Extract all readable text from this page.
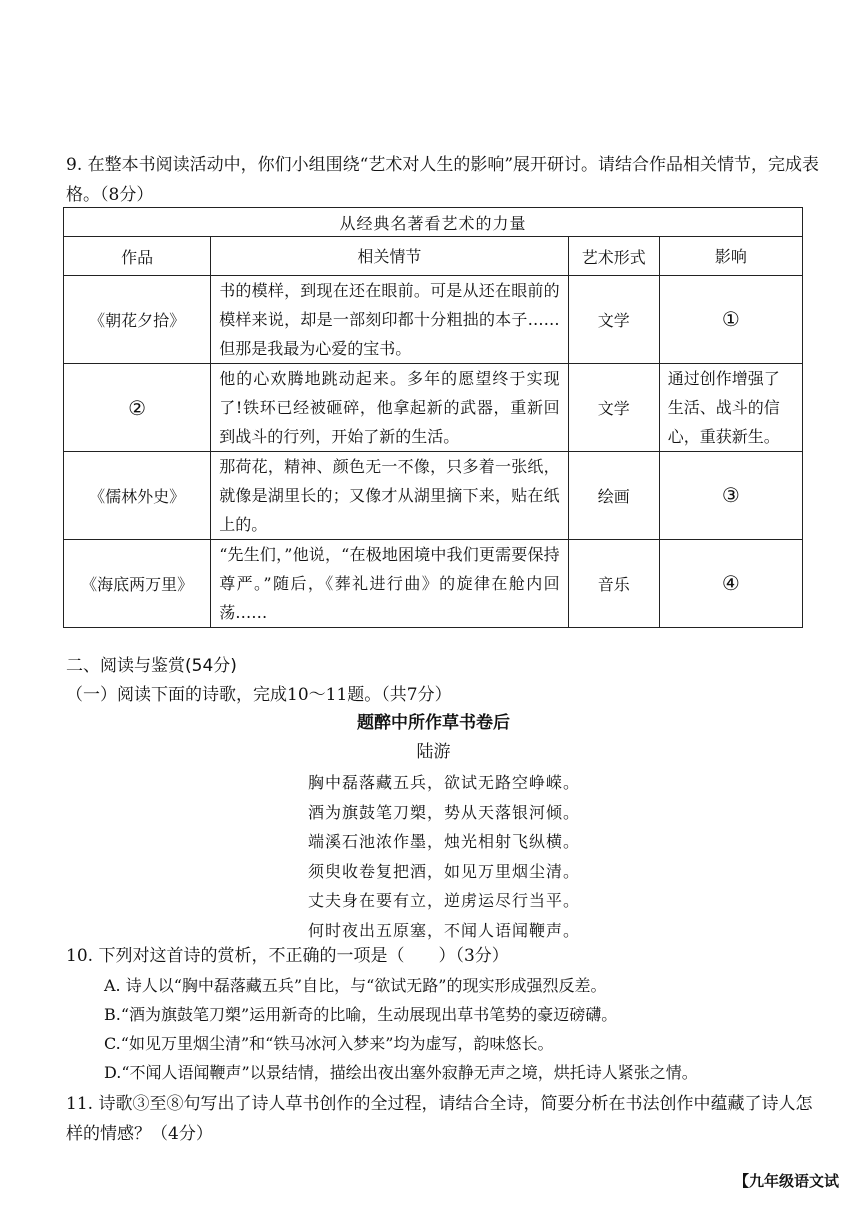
9. 在整本书阅读活动中，你们小组围绕“艺术对人生的影响”展开研讨。请结合作品相关情节，完成表格。（8分）
从经典名著看艺术的力量			
作品	相关情节	艺术形式	影响
《朝花夕拾》	书的模样，到现在还在眼前。可是从还在眼前的模样来说，却是一部刻印都十分粗拙的本子……但那是我最为心爱的宝书。	文学	①
②	他的心欢腾地跳动起来。多年的愿望终于实现了!铁环已经被砸碎，他拿起新的武器，重新回到战斗的行列，开始了新的生活。	文学	通过创作增强了生活、战斗的信心，重获新生。
《儒林外史》	那荷花，精神、颜色无一不像，只多着一张纸，就像是湖里长的；又像才从湖里摘下来，贴在纸上的。	绘画	③
《海底两万里》	“先生们，”他说，“在极地困境中我们更需要保持尊严。”随后，《葬礼进行曲》的旋律在舱内回荡……	音乐	④
二、阅读与鉴赏(54分)
（一）阅读下面的诗歌，完成10～11题。（共7分）
题醉中所作草书卷后
陆游
胸中磊落藏五兵，欲试无路空峥嵘。
酒为旗鼓笔刀槊，势从天落银河倾。
端溪石池浓作墨，烛光相射飞纵横。
须臾收卷复把酒，如见万里烟尘清。
丈夫身在要有立，逆虏运尽行当平。
何时夜出五原塞，不闻人语闻鞭声。
10. 下列对这首诗的赏析，不正确的一项是（　　）（3分）
A. 诗人以“胸中磊落藏五兵”自比，与“欲试无路”的现实形成强烈反差。
B.“酒为旗鼓笔刀槊”运用新奇的比喻，生动展现出草书笔势的豪迈磅礴。
C.“如见万里烟尘清”和“铁马冰河入梦来”均为虚写，韵味悠长。
D.“不闻人语闻鞭声”以景结情，描绘出夜出塞外寂静无声之境，烘托诗人紧张之情。
11. 诗歌③至⑧句写出了诗人草书创作的全过程，请结合全诗，简要分析在书法创作中蕴藏了诗人怎样的情感？（4分）
【九年级语文试
